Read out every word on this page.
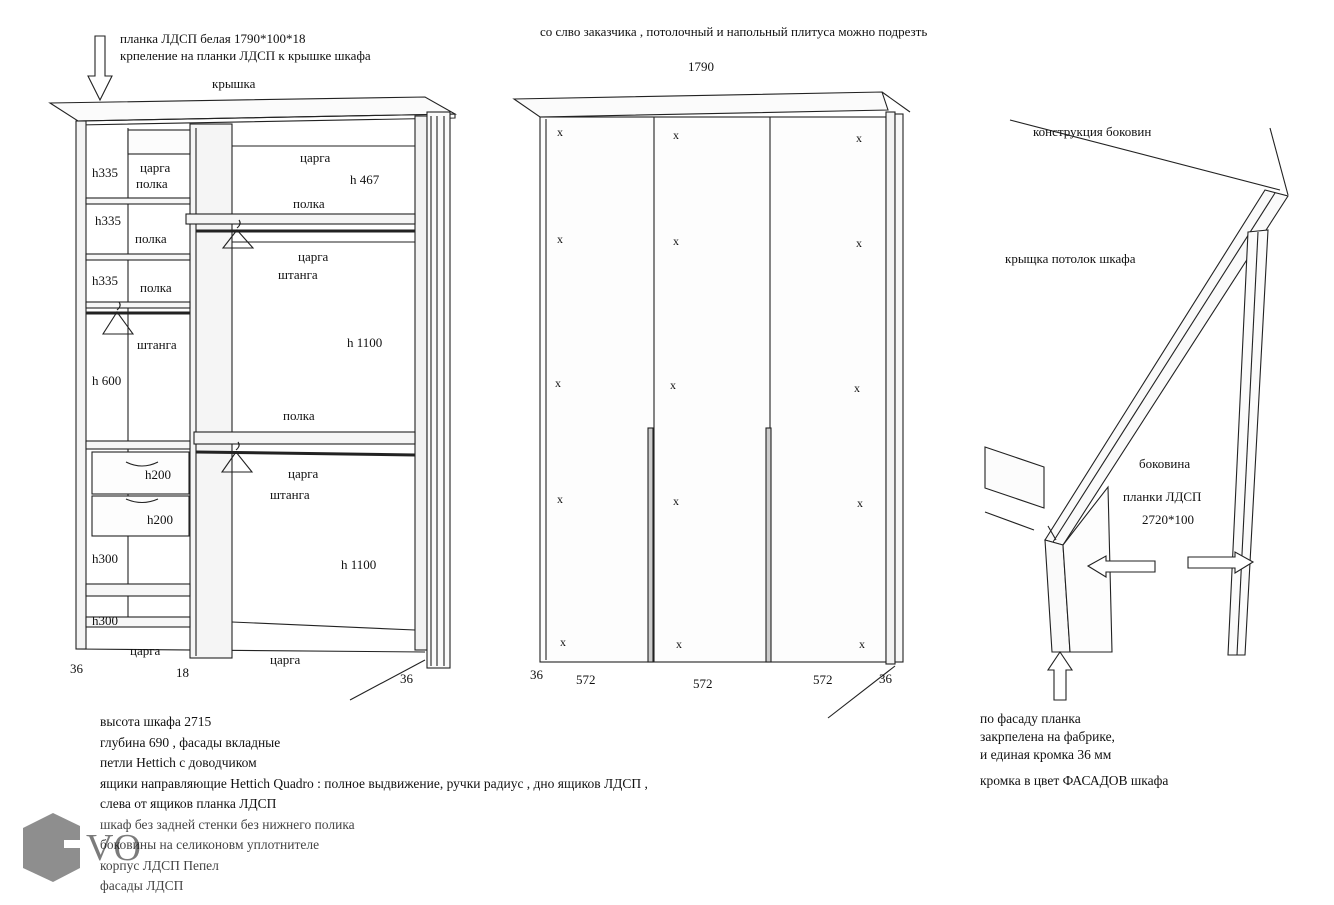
планка ЛДСП белая 1790*100*18
крпеление на планки ЛДСП к крышке шкафа
крышка
h335 царга
полка
h335
полка
h335 полка
штанга
h 600
h200
h200
h300
h300
царга
36	18
царга
h 467
полка
царга
штанга
h 1100
полка
царга
штанга
h 1100
царга
36
со слво заказчика , потолочный и напольный плитуса можно подрезть
1790
x	x	x
x	x	x
x	x	x
x	x	x
x	x	x
36	572	572	572	36
конструкция боковин
крыщка потолок шкафа
боковина
планки ЛДСП
2720*100
высота шкафа 2715
глубина 690 , фасады вкладные
петли Hettich с доводчиком
ящики направляющие Hettich Quadro : полное выдвижение, ручки радиус , дно ящиков ЛДСП ,
слева от ящиков планка ЛДСП
шкаф без задней стенки без нижнего полика
боковины на селиконовм уплотнителе
корпус ЛДСП Пепел
фасады ЛДСП
по фасаду планка
закрпелена на фабрике,
и единая кромка 36 мм
кромка в цвет ФАСАДОВ шкафа
VO
